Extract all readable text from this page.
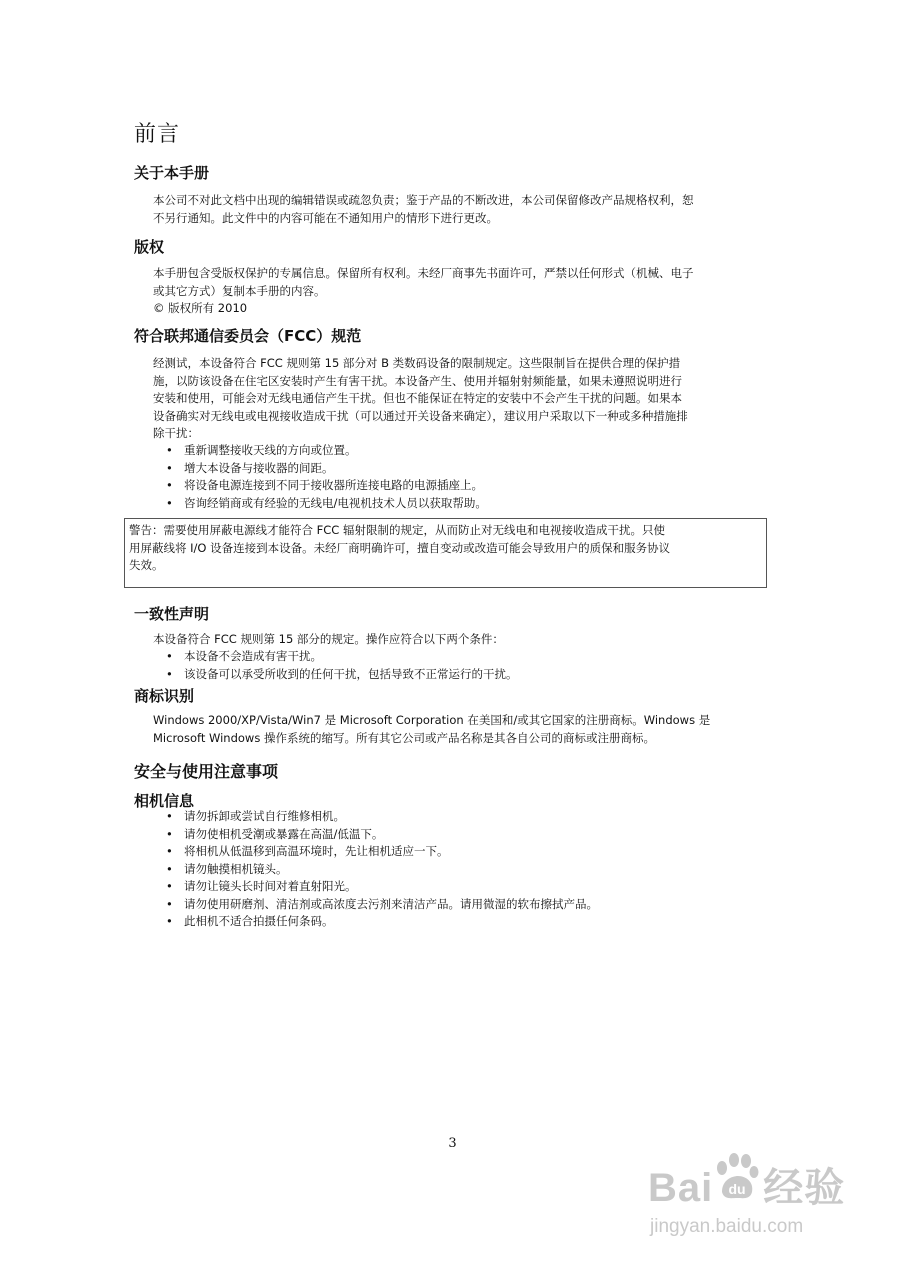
前言
关于本手册
本公司不对此文档中出现的编辑错误或疏忽负责；鉴于产品的不断改进，本公司保留修改产品规格权利，恕
不另行通知。此文件中的内容可能在不通知用户的情形下进行更改。
版权
本手册包含受版权保护的专属信息。保留所有权利。未经厂商事先书面许可，严禁以任何形式（机械、电子
或其它方式）复制本手册的内容。
© 版权所有 2010
符合联邦通信委员会（FCC）规范
经测试，本设备符合 FCC 规则第 15 部分对 B 类数码设备的限制规定。这些限制旨在提供合理的保护措
施，以防该设备在住宅区安装时产生有害干扰。本设备产生、使用并辐射射频能量，如果未遵照说明进行
安装和使用，可能会对无线电通信产生干扰。但也不能保证在特定的安装中不会产生干扰的问题。如果本
设备确实对无线电或电视接收造成干扰（可以通过开关设备来确定），建议用户采取以下一种或多种措施排
除干扰：
• 重新调整接收天线的方向或位置。
• 增大本设备与接收器的间距。
• 将设备电源连接到不同于接收器所连接电路的电源插座上。
• 咨询经销商或有经验的无线电/电视机技术人员以获取帮助。
警告：需要使用屏蔽电源线才能符合 FCC 辐射限制的规定，从而防止对无线电和电视接收造成干扰。只使
用屏蔽线将 I/O 设备连接到本设备。未经厂商明确许可，擅自变动或改造可能会导致用户的质保和服务协议
失效。
一致性声明
本设备符合 FCC 规则第 15 部分的规定。操作应符合以下两个条件：
• 本设备不会造成有害干扰。
• 该设备可以承受所收到的任何干扰，包括导致不正常运行的干扰。
商标识别
Windows 2000/XP/Vista/Win7 是 Microsoft Corporation 在美国和/或其它国家的注册商标。Windows 是
Microsoft Windows 操作系统的缩写。所有其它公司或产品名称是其各自公司的商标或注册商标。
安全与使用注意事项
相机信息
• 请勿拆卸或尝试自行维修相机。
• 请勿使相机受潮或暴露在高温/低温下。
• 将相机从低温移到高温环境时，先让相机适应一下。
• 请勿触摸相机镜头。
• 请勿让镜头长时间对着直射阳光。
• 请勿使用研磨剂、清洁剂或高浓度去污剂来清洁产品。请用微湿的软布擦拭产品。
• 此相机不适合拍摄任何条码。
3
Bai 经验
du
jingyan.baidu.com
